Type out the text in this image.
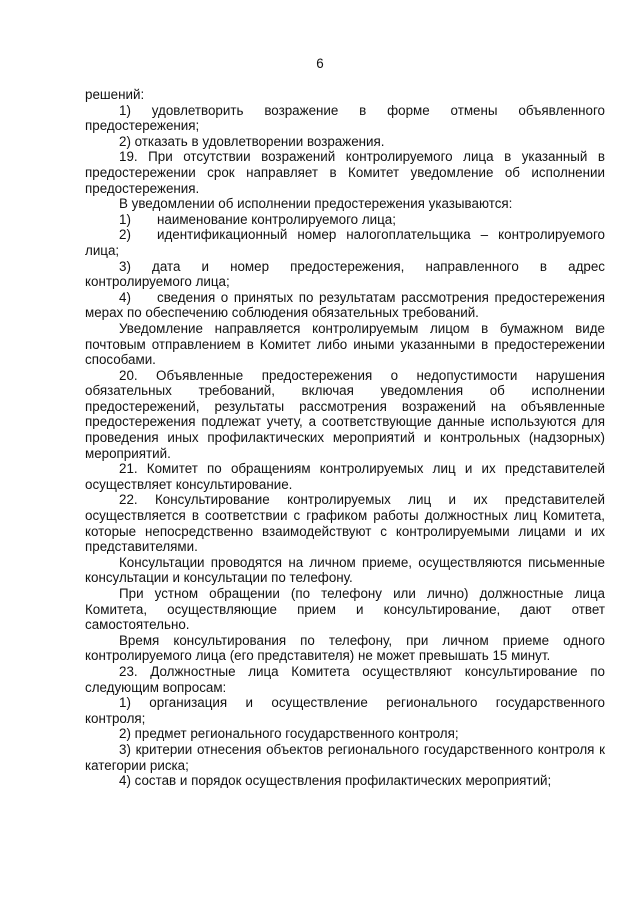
6

решений:

1) удовлетворить возражение в форме отмены объявленного

предостережения;

2) отказать в удовлетворении возражения.

19. При отсутствии возражений контролируемого лица в указанный в предостережении срок направляет в Комитет уведомление об исполнении предостережения.

В уведомлении об исполнении предостережения указываются:

1)	наименование контролируемого лица;
2)	идентификационный номер налогоплательщика – контролируемого

лица;

3) дата и номер предостережения, направленного в адрес

контролируемого лица;

4)	сведения о принятых по результатам рассмотрения предостережения

мерах по обеспечению соблюдения обязательных требований.

Уведомление направляется контролируемым лицом в бумажном виде почтовым отправлением в Комитет либо иными указанными в предостережении способами.

20. Объявленные предостережения о недопустимости нарушения обязательных требований, включая уведомления об исполнении предостережений, результаты рассмотрения возражений на объявленные предостережения подлежат учету, а соответствующие данные используются для проведения иных профилактических мероприятий и контрольных (надзорных) мероприятий.

21. Комитет по обращениям контролируемых лиц и их представителей осуществляет консультирование.

22. Консультирование контролируемых лиц и их представителей осуществляется в соответствии с графиком работы должностных лиц Комитета, которые непосредственно взаимодействуют с контролируемыми лицами и их представителями.

Консультации проводятся на личном приеме, осуществляются письменные консультации и консультации по телефону.

При устном обращении (по телефону или лично) должностные лица Комитета, осуществляющие прием и консультирование, дают ответ самостоятельно.

Время консультирования по телефону, при личном приеме одного контролируемого лица (его представителя) не может превышать 15 минут.

23. Должностные лица Комитета осуществляют консультирование по следующим вопросам:

1) организация и осуществление регионального государственного

контроля;

2) предмет регионального государственного контроля;

3) критерии отнесения объектов регионального государственного контроля к категории риска;

4) состав и порядок осуществления профилактических мероприятий;
